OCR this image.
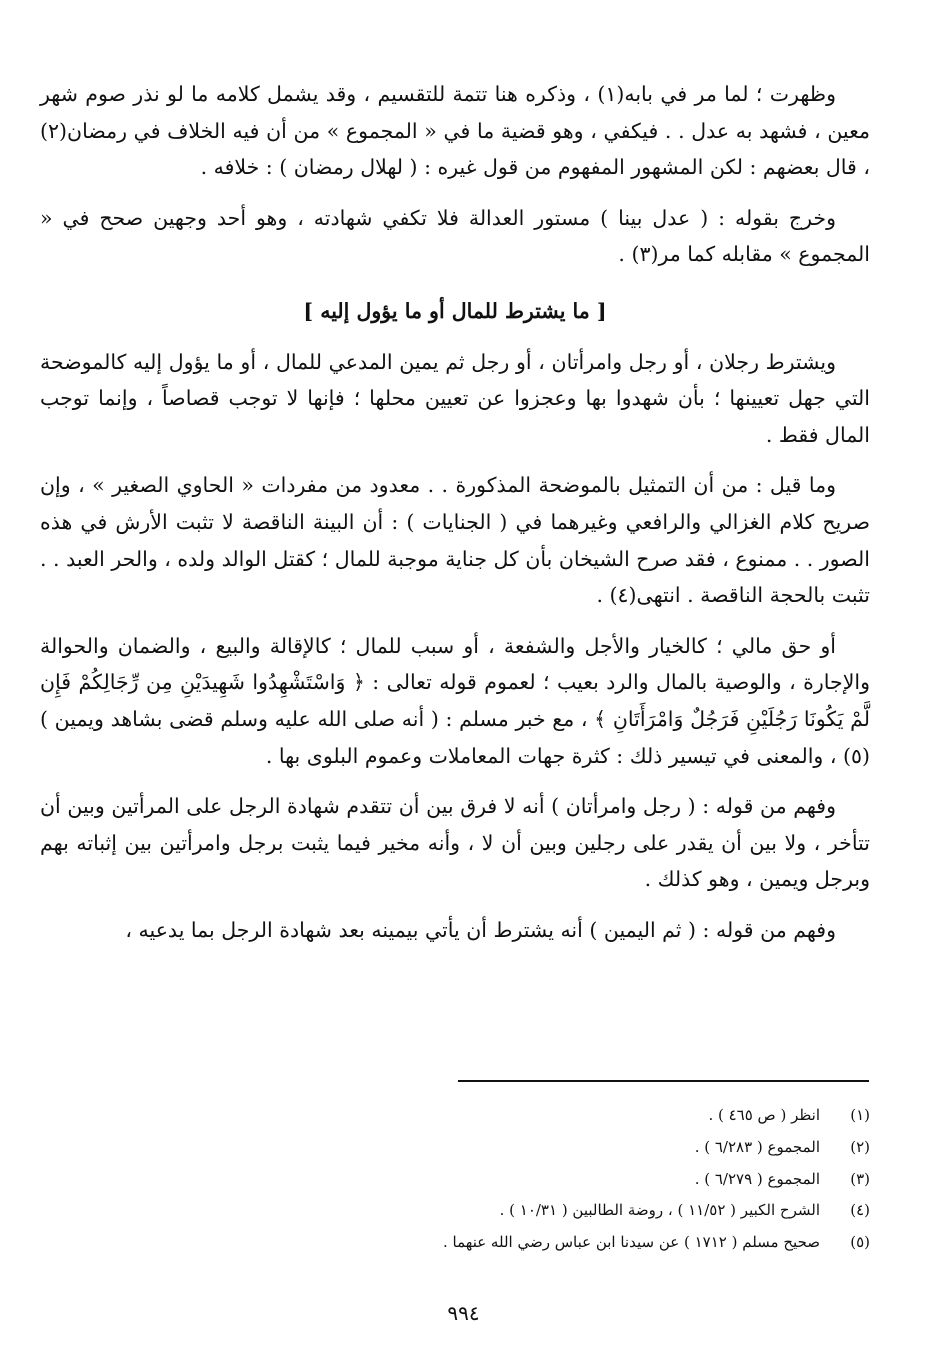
وظهرت ؛ لما مر في بابه(١) ، وذكره هنا تتمة للتقسيم ، وقد يشمل كلامه ما لو نذر صوم شهر معين ، فشهد به عدل . . فيكفي ، وهو قضية ما في « المجموع » من أن فيه الخلاف في رمضان(٢) ، قال بعضهم : لكن المشهور المفهوم من قول غيره : ( لهلال رمضان ) : خلافه .

وخرج بقوله : ( عدل بينا ) مستور العدالة فلا تكفي شهادته ، وهو أحد وجهين صحح في « المجموع » مقابله كما مر(٣) .

[ ما يشترط للمال أو ما يؤول إليه ]

ويشترط رجلان ، أو رجل وامرأتان ، أو رجل ثم يمين المدعي للمال ، أو ما يؤول إليه كالموضحة التي جهل تعيينها ؛ بأن شهدوا بها وعجزوا عن تعيين محلها ؛ فإنها لا توجب قصاصاً ، وإنما توجب المال فقط .

وما قيل : من أن التمثيل بالموضحة المذكورة . . معدود من مفردات « الحاوي الصغير » ، وإن صريح كلام الغزالي والرافعي وغيرهما في ( الجنايات ) : أن البينة الناقصة لا تثبت الأرش في هذه الصور . . ممنوع ، فقد صرح الشيخان بأن كل جناية موجبة للمال ؛ كقتل الوالد ولده ، والحر العبد . . تثبت بالحجة الناقصة . انتهى(٤) .

أو حق مالي ؛ كالخيار والأجل والشفعة ، أو سبب للمال ؛ كالإقالة والبيع ، والضمان والحوالة والإجارة ، والوصية بالمال والرد بعيب ؛ لعموم قوله تعالى : ﴿ وَاسْتَشْهِدُوا شَهِيدَيْنِ مِن رِّجَالِكُمْ فَإِن لَّمْ يَكُونَا رَجُلَيْنِ فَرَجُلٌ وَامْرَأَتَانِ ﴾ ، مع خبر مسلم : ( أنه صلى الله عليه وسلم قضى بشاهد ويمين )(٥) ، والمعنى في تيسير ذلك : كثرة جهات المعاملات وعموم البلوى بها .

وفهم من قوله : ( رجل وامرأتان ) أنه لا فرق بين أن تتقدم شهادة الرجل على المرأتين وبين أن تتأخر ، ولا بين أن يقدر على رجلين وبين أن لا ، وأنه مخير فيما يثبت برجل وامرأتين بين إثباته بهم وبرجل ويمين ، وهو كذلك .

وفهم من قوله : ( ثم اليمين ) أنه يشترط أن يأتي بيمينه بعد شهادة الرجل بما يدعيه ،

(١)
انظر ( ص ٤٦٥ ) .
(٢)
المجموع ( ٦/٢٨٣ ) .
(٣)
المجموع ( ٦/٢٧٩ ) .
(٤)
الشرح الكبير ( ١١/٥٢ ) ، روضة الطالبين ( ١٠/٣١ ) .
(٥)
صحيح مسلم ( ١٧١٢ ) عن سيدنا ابن عباس رضي الله عنهما .
٩٩٤
